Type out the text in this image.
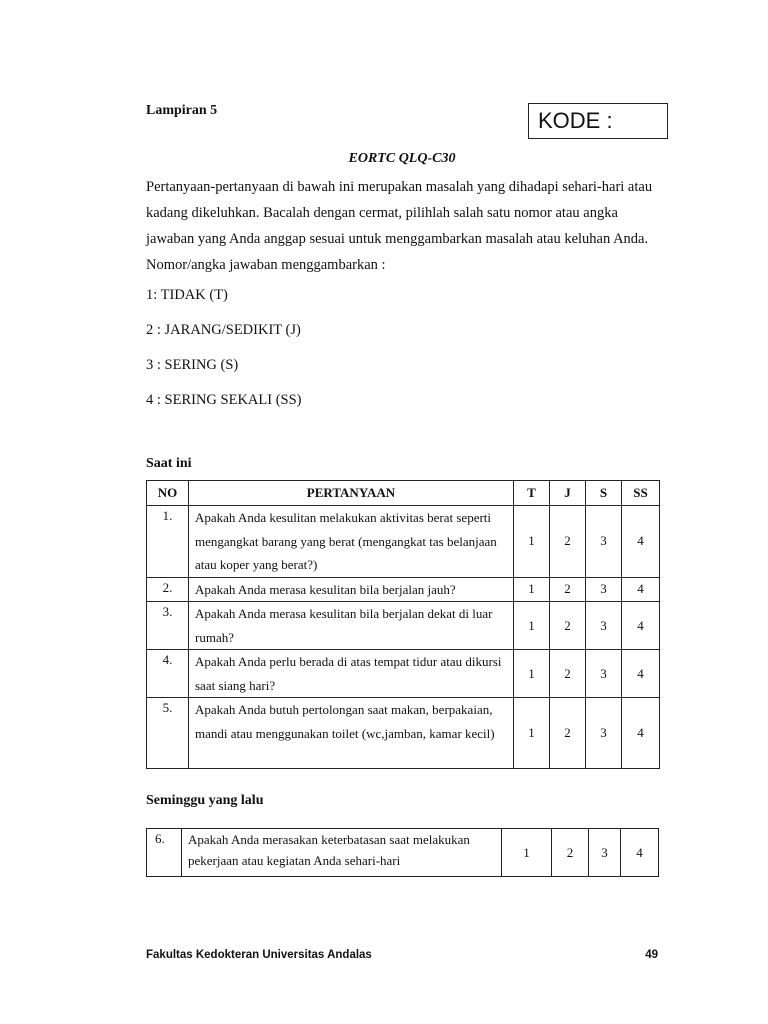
Lampiran 5	KODE :
EORTC QLQ-C30

Pertanyaan-pertanyaan di bawah ini merupakan masalah yang dihadapi sehari-hari atau kadang dikeluhkan. Bacalah dengan cermat, pilihlah salah satu nomor atau angka jawaban yang Anda anggap sesuai untuk menggambarkan masalah atau keluhan Anda. Nomor/angka jawaban menggambarkan :

1: TIDAK (T)
2 : JARANG/SEDIKIT (J)
3 : SERING (S)
4 : SERING SEKALI (SS)
Saat ini
NO	PERTANYAAN	T	J	S	SS
1.	Apakah Anda kesulitan melakukan aktivitas berat seperti mengangkat barang yang berat (mengangkat tas belanjaan atau koper yang berat?)	1	2	3	4
2.	Apakah Anda merasa kesulitan bila berjalan jauh?	1	2	3	4
3.	Apakah Anda merasa kesulitan bila berjalan dekat di luar rumah?	1	2	3	4
4.	Apakah Anda perlu berada di atas tempat tidur atau dikursi saat siang hari?	1	2	3	4
5.	Apakah Anda butuh pertolongan saat makan, berpakaian, mandi atau menggunakan toilet (wc,jamban, kamar kecil)	1	2	3	4
Seminggu yang lalu
6.	Apakah Anda merasakan keterbatasan saat melakukan pekerjaan atau kegiatan Anda sehari-hari	1	2	3	4
Fakultas Kedokteran Universitas Andalas	49
